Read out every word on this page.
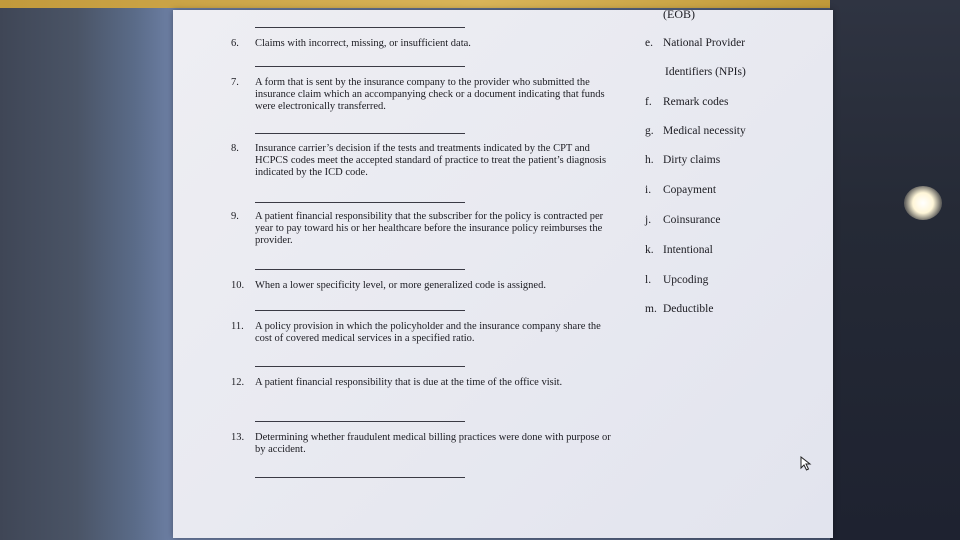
(EOB)
6.	Claims with incorrect, missing, or insufficient data.
7.	A form that is sent by the insurance company to the provider who submitted the insurance claim which an accompanying check or a document indicating that funds were electronically transferred.
8.	Insurance carrier’s decision if the tests and treatments indicated by the CPT and HCPCS codes meet the accepted standard of practice to treat the patient’s diagnosis indicated by the ICD code.
9.	A patient financial responsibility that the subscriber for the policy is contracted per year to pay toward his or her healthcare before the insurance policy reimburses the provider.
10.	When a lower specificity level, or more generalized code is assigned.
11.	A policy provision in which the policyholder and the insurance company share the cost of covered medical services in a specified ratio.
12.	A patient financial responsibility that is due at the time of the office visit.
13.	Determining whether fraudulent medical billing practices were done with purpose or by accident.
e. National Provider
Identifiers (NPIs)
f. Remark codes
g. Medical necessity
h. Dirty claims
i. Copayment
j. Coinsurance
k. Intentional
l. Upcoding
m. Deductible
